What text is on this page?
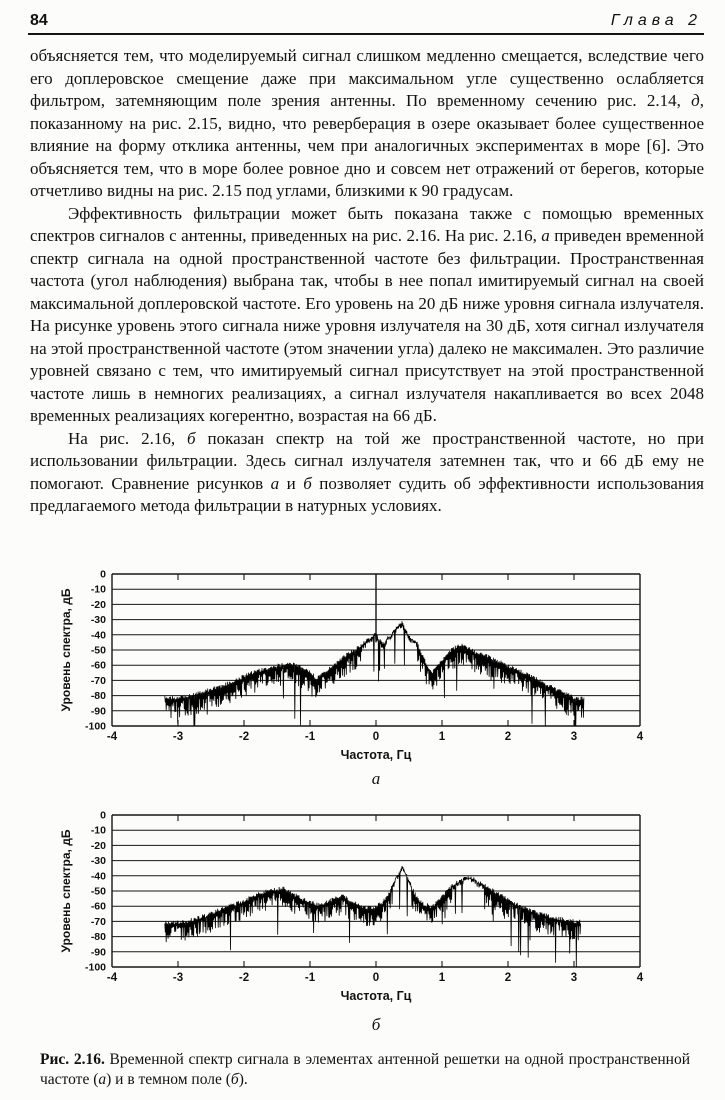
84	Глава 2

объясняется тем, что моделируемый сигнал слишком медленно смещается, вследствие чего его доплеровское смещение даже при максимальном угле существенно ослабляется фильтром, затемняющим поле зрения антенны. По временному сечению рис. 2.14, д, показанному на рис. 2.15, видно, что реверберация в озере оказывает более существенное влияние на форму отклика антенны, чем при аналогичных экспериментах в море [6]. Это объясняется тем, что в море более ровное дно и совсем нет отражений от берегов, которые отчетливо видны на рис. 2.15 под углами, близкими к 90 градусам.

Эффективность фильтрации может быть показана также с помощью временных спектров сигналов с антенны, приведенных на рис. 2.16. На рис. 2.16, а приведен временной спектр сигнала на одной пространственной частоте без фильтрации. Пространственная частота (угол наблюдения) выбрана так, чтобы в нее попал имитируемый сигнал на своей максимальной доплеровской частоте. Его уровень на 20 дБ ниже уровня сигнала излучателя. На рисунке уровень этого сигнала ниже уровня излучателя на 30 дБ, хотя сигнал излучателя на этой пространственной частоте (этом значении угла) далеко не максимален. Это различие уровней связано с тем, что имитируемый сигнал присутствует на этой пространственной частоте лишь в немногих реализациях, а сигнал излучателя накапливается во всех 2048 временных реализациях когерентно, возрастая на 66 дБ.

На рис. 2.16, б показан спектр на той же пространственной частоте, но при использовании фильтрации. Здесь сигнал излучателя затемнен так, что и 66 дБ ему не помогают. Сравнение рисунков а и б позволяет судить об эффективности использования предлагаемого метода фильтрации в натурных условиях.

0
-10
-20
-30
-40
-50
-60
-70
-80
-90
-100
-4	-3	-2	-1	0	1	2	3	4
Частота, Гц
Уровень спектра, дБ
а
0
-10
-20
-30
-40
-50
-60
-70
-80
-90
-100
-4	-3	-2	-1	0	1	2	3	4
Частота, Гц
Уровень спектра, дБ
б
Рис. 2.16. Временной спектр сигнала в элементах антенной решетки на одной пространственной частоте (а) и в темном поле (б).
